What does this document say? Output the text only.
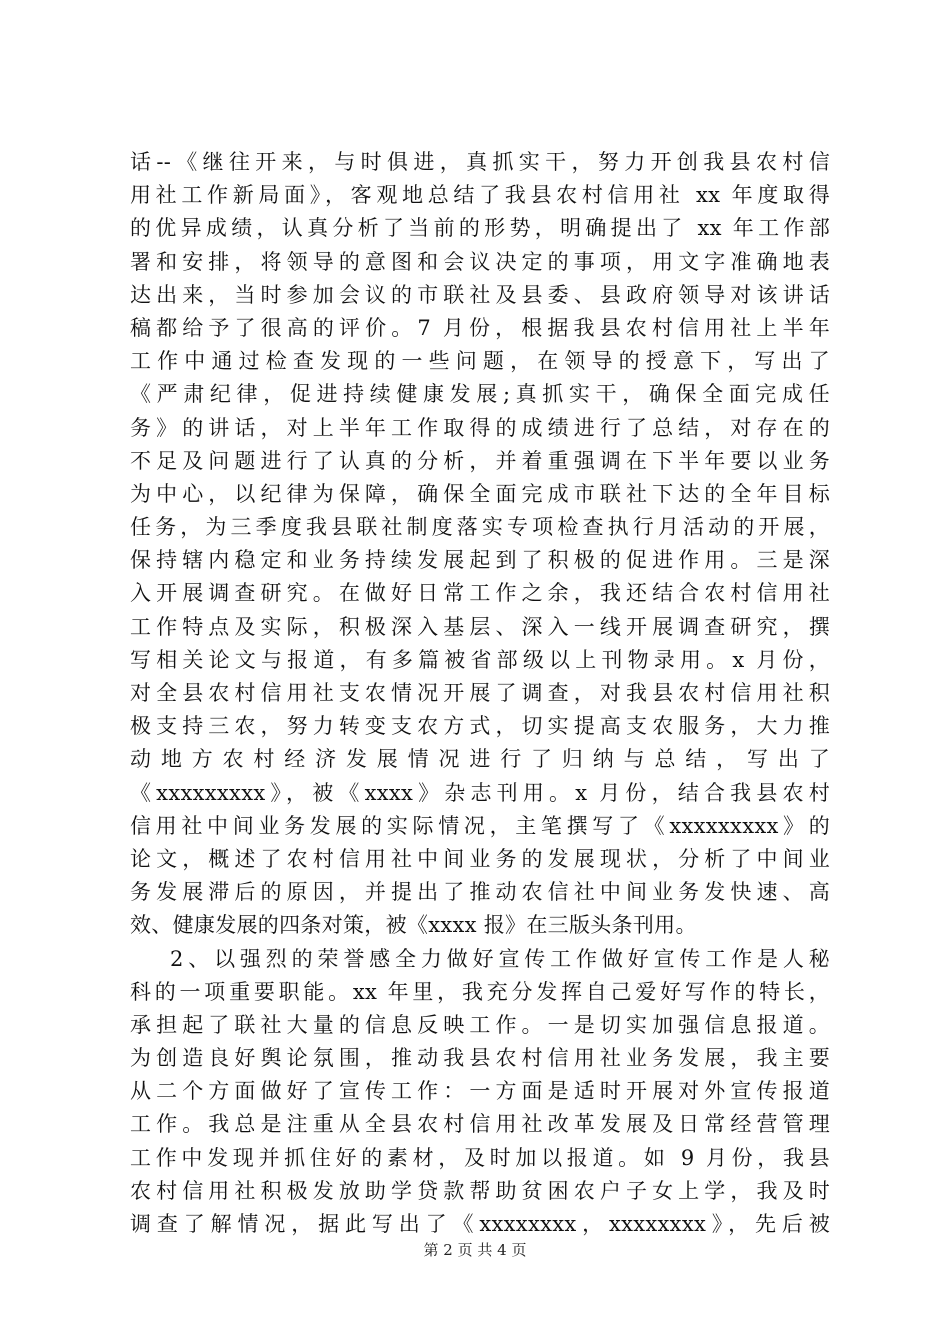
话--《继往开来，与时俱进，真抓实干，努力开创我县农村信
用社工作新局面》，客观地总结了我县农村信用社 xx 年度取得
的优异成绩，认真分析了当前的形势，明确提出了 xx 年工作部
署和安排，将领导的意图和会议决定的事项，用文字准确地表
达出来，当时参加会议的市联社及县委、县政府领导对该讲话
稿都给予了很高的评价。7 月份，根据我县农村信用社上半年
工作中通过检查发现的一些问题，在领导的授意下，写出了
《严肃纪律，促进持续健康发展;真抓实干，确保全面完成任
务》的讲话，对上半年工作取得的成绩进行了总结，对存在的
不足及问题进行了认真的分析，并着重强调在下半年要以业务
为中心，以纪律为保障，确保全面完成市联社下达的全年目标
任务，为三季度我县联社制度落实专项检查执行月活动的开展，
保持辖内稳定和业务持续发展起到了积极的促进作用。三是深
入开展调查研究。在做好日常工作之余，我还结合农村信用社
工作特点及实际，积极深入基层、深入一线开展调查研究，撰
写相关论文与报道，有多篇被省部级以上刊物录用。x 月份，
对全县农村信用社支农情况开展了调查，对我县农村信用社积
极支持三农，努力转变支农方式，切实提高支农服务，大力推
动地方农村经济发展情况进行了归纳与总结，写出了
《xxxxxxxxx》，被《xxxx》杂志刊用。x 月份，结合我县农村
信用社中间业务发展的实际情况，主笔撰写了《xxxxxxxxx》的
论文，概述了农村信用社中间业务的发展现状，分析了中间业
务发展滞后的原因，并提出了推动农信社中间业务发快速、高
效、健康发展的四条对策，被《xxxx 报》在三版头条刊用。
2、以强烈的荣誉感全力做好宣传工作做好宣传工作是人秘
科的一项重要职能。xx 年里，我充分发挥自己爱好写作的特长，
承担起了联社大量的信息反映工作。一是切实加强信息报道。
为创造良好舆论氛围，推动我县农村信用社业务发展，我主要
从二个方面做好了宣传工作：一方面是适时开展对外宣传报道
工作。我总是注重从全县农村信用社改革发展及日常经营管理
工作中发现并抓住好的素材，及时加以报道。如 9 月份，我县
农村信用社积极发放助学贷款帮助贫困农户子女上学，我及时
调查了解情况，据此写出了《xxxxxxxx，xxxxxxxx》，先后被
第 2 页 共 4 页
